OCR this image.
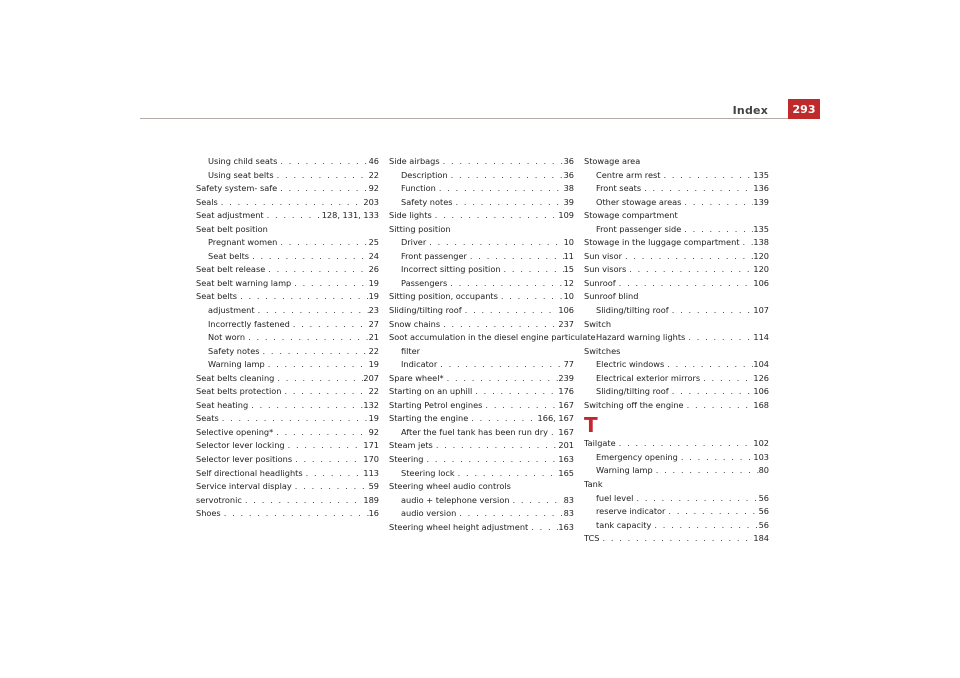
Index 293
Using child seats . . .	46
Using seat belts . . .	22
Safety system- safe . . .	92
Seals . . .	203
Seat adjustment . . .	128, 131, 133
Seat belt position
Pregnant women . . .	25
Seat belts . . .	24
Seat belt release . . .	26
Seat belt warning lamp . . .	19
Seat belts . . .	19
adjustment . . .	23
Incorrectly fastened . . .	27
Not worn . . .	21
Safety notes . . .	22
Warning lamp . . .	19
Seat belts cleaning . . .	207
Seat belts protection . . .	22
Seat heating . . .	132
Seats . . .	19
Selective opening* . . .	92
Selector lever locking . . .	171
Selector lever positions . . .	170
Self directional headlights . . .	113
Service interval display . . .	59
servotronic . . .	189
Shoes . . .	16
Side airbags . . .	36
Description . . .	36
Function . . .	38
Safety notes . . .	39
Side lights . . .	109
Sitting position
Driver . . .	10
Front passenger . . .	11
Incorrect sitting position . . .	15
Passengers . . .	12
Sitting position, occupants . . .	10
Sliding/tilting roof . . .	106
Snow chains . . .	237
Soot accumulation in the diesel engine particulate
filter
Indicator . . .	77
Spare wheel* . . .	239
Starting on an uphill . . .	176
Starting Petrol engines . . .	167
Starting the engine . . .	166, 167
After the fuel tank has been run dry . . . 167
Steam jets . . .	201
Steering . . .	163
Steering lock . . .	165
Steering wheel audio controls
audio + telephone version . . .	83
audio version . . .	83
Steering wheel height adjustment . . .	163
Stowage area
Centre arm rest . . .	135
Front seats . . .	136
Other stowage areas . . .	139
Stowage compartment
Front passenger side . . .	135
Stowage in the luggage compartment . . . 138
Sun visor . . .	120
Sun visors . . .	120
Sunroof . . .	106
Sunroof blind
Sliding/tilting roof . . .	107
Switch
Hazard warning lights . . .	114
Switches
Electric windows . . .	104
Electrical exterior mirrors . . .	126
Sliding/tilting roof . . .	106
Switching off the engine . . .	168
T
Tailgate . . .	102
Emergency opening . . .	103
Warning lamp . . .	80
Tank
fuel level . . .	56
reserve indicator . . .	56
tank capacity . . .	56
TCS . . .	184
